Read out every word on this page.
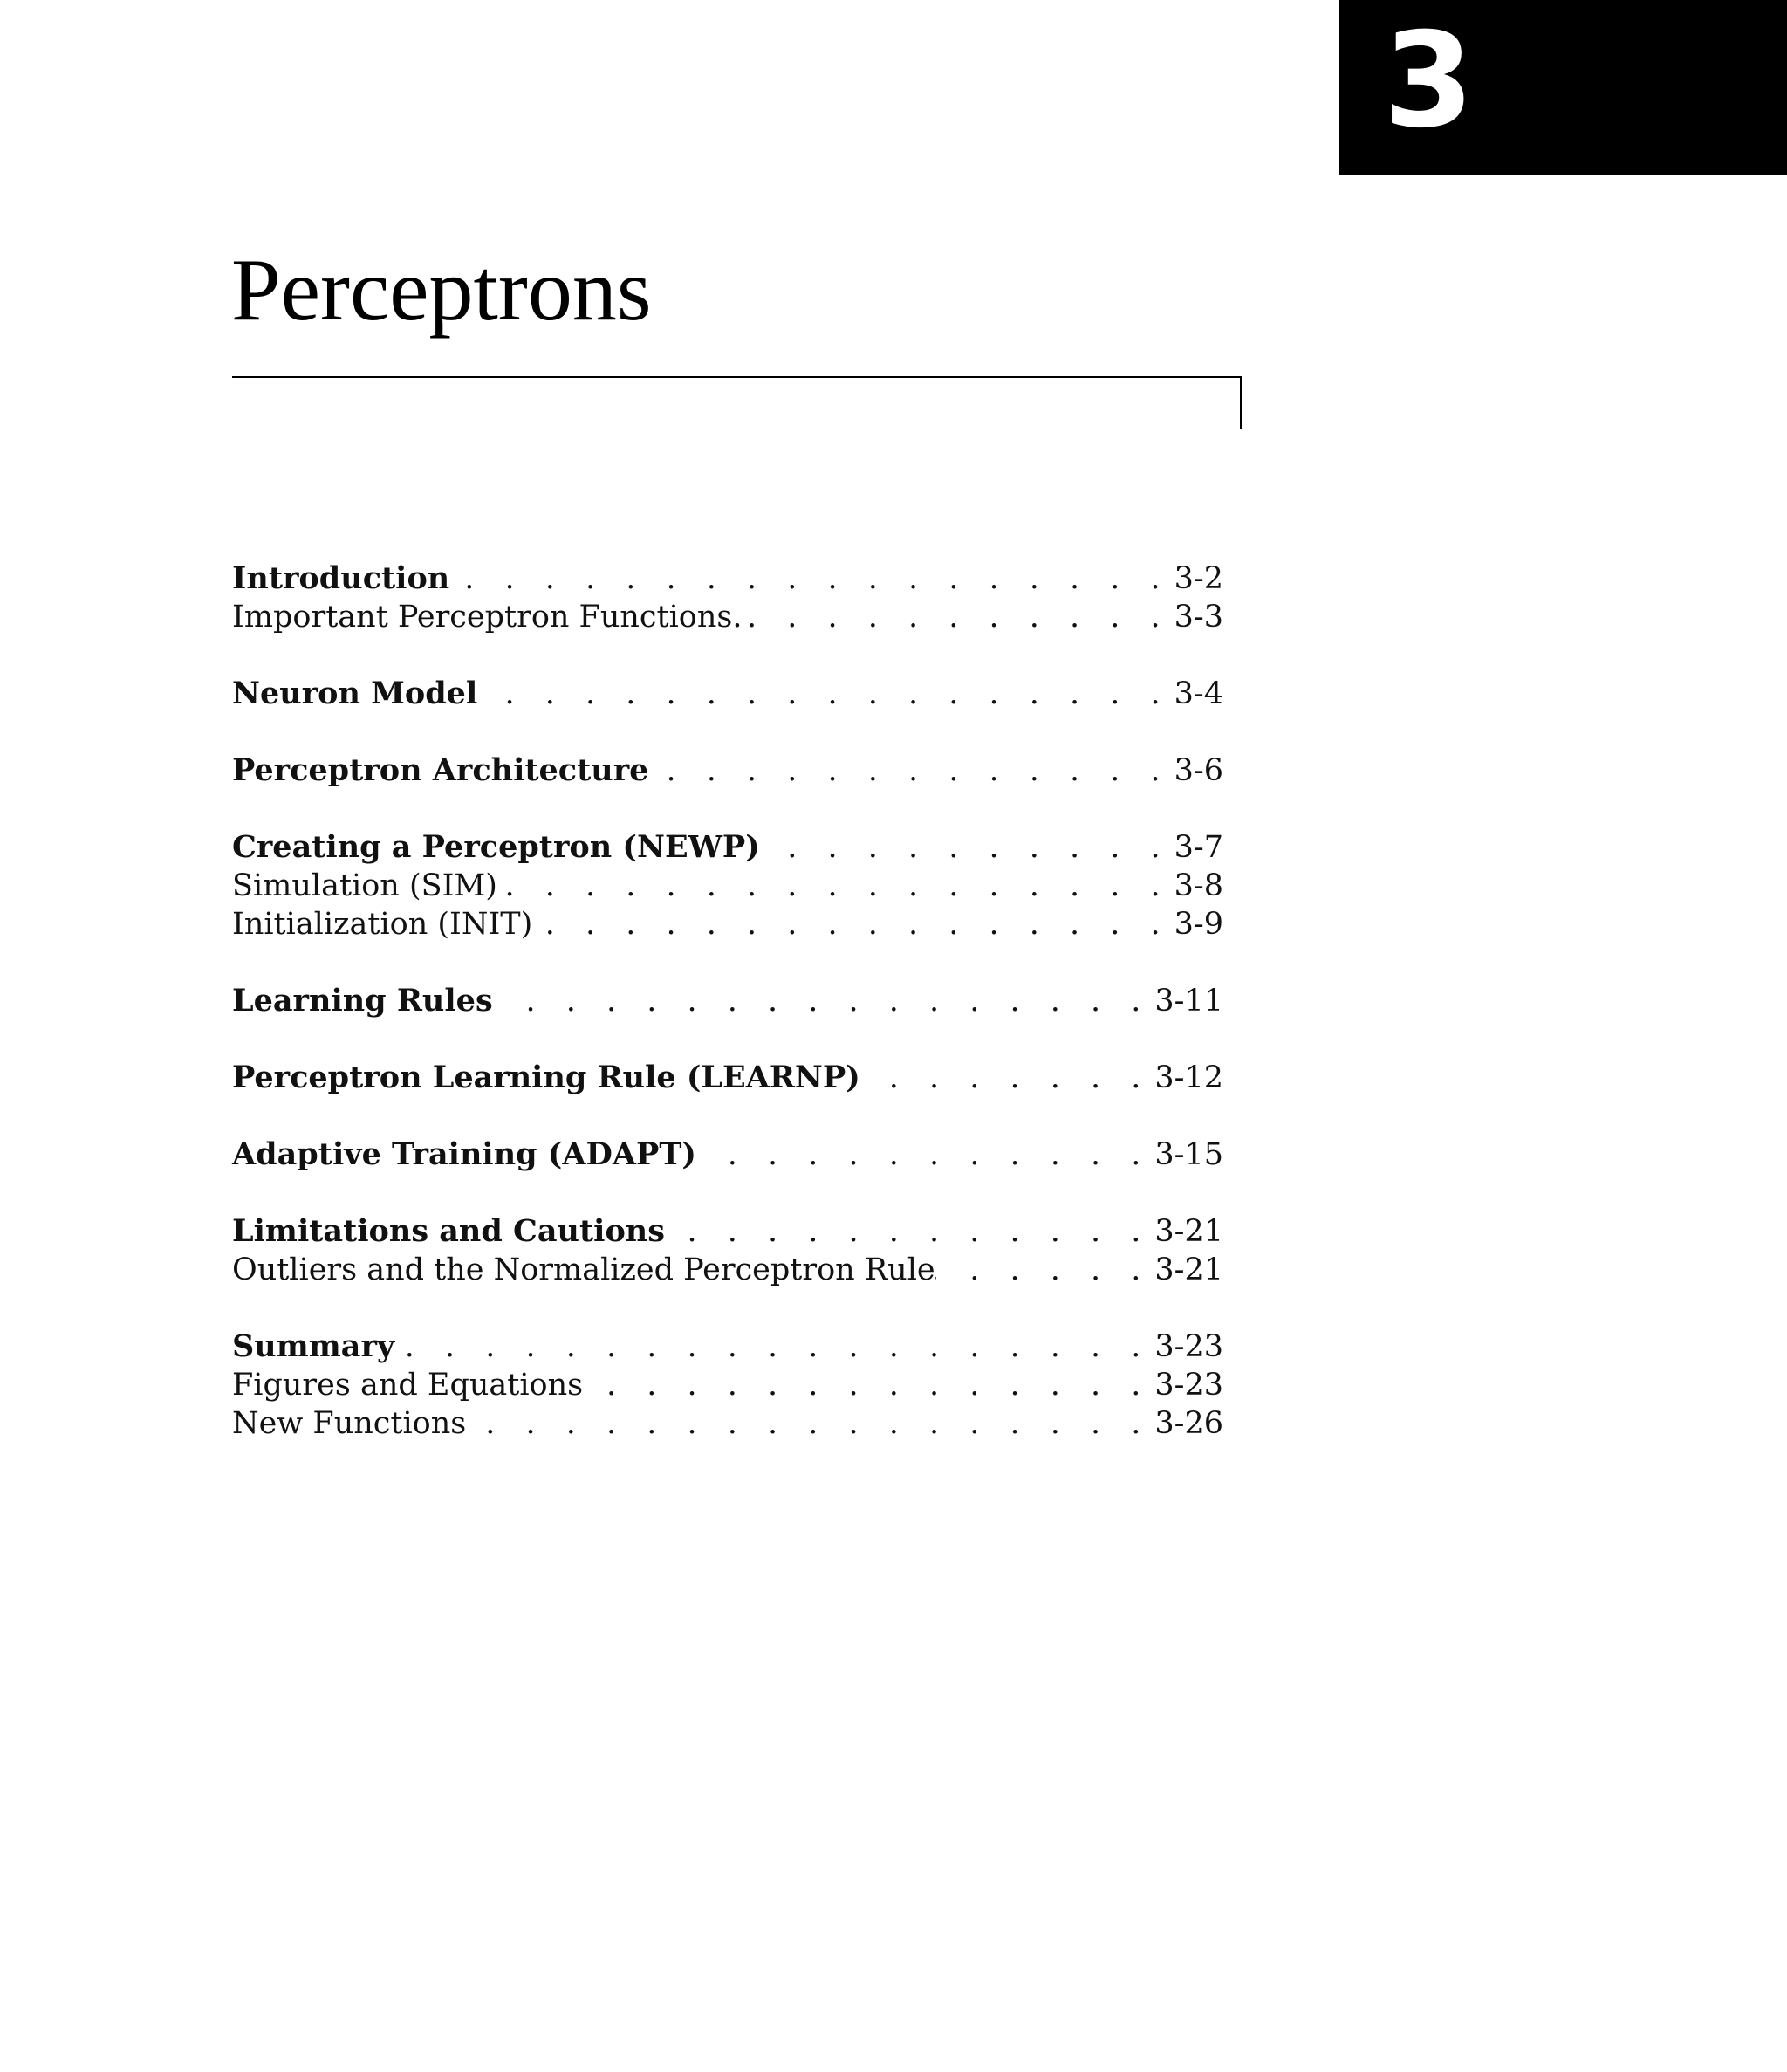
3
Perceptrons
Introduction . . .	3-2
Important Perceptron Functions. . . .	3-3
Neuron Model . . .	3-4
Perceptron Architecture . . .	3-6
Creating a Perceptron (NEWP) . . .	3-7
Simulation (SIM) . . .	3-8
Initialization (INIT) . . .	3-9
Learning Rules . . .	3-11
Perceptron Learning Rule (LEARNP) . . .	3-12
Adaptive Training (ADAPT) . . .	3-15
Limitations and Cautions . . .	3-21
Outliers and the Normalized Perceptron Rule . . .	3-21
Summary . . .	3-23
Figures and Equations . . .	3-23
New Functions . . .	3-26
